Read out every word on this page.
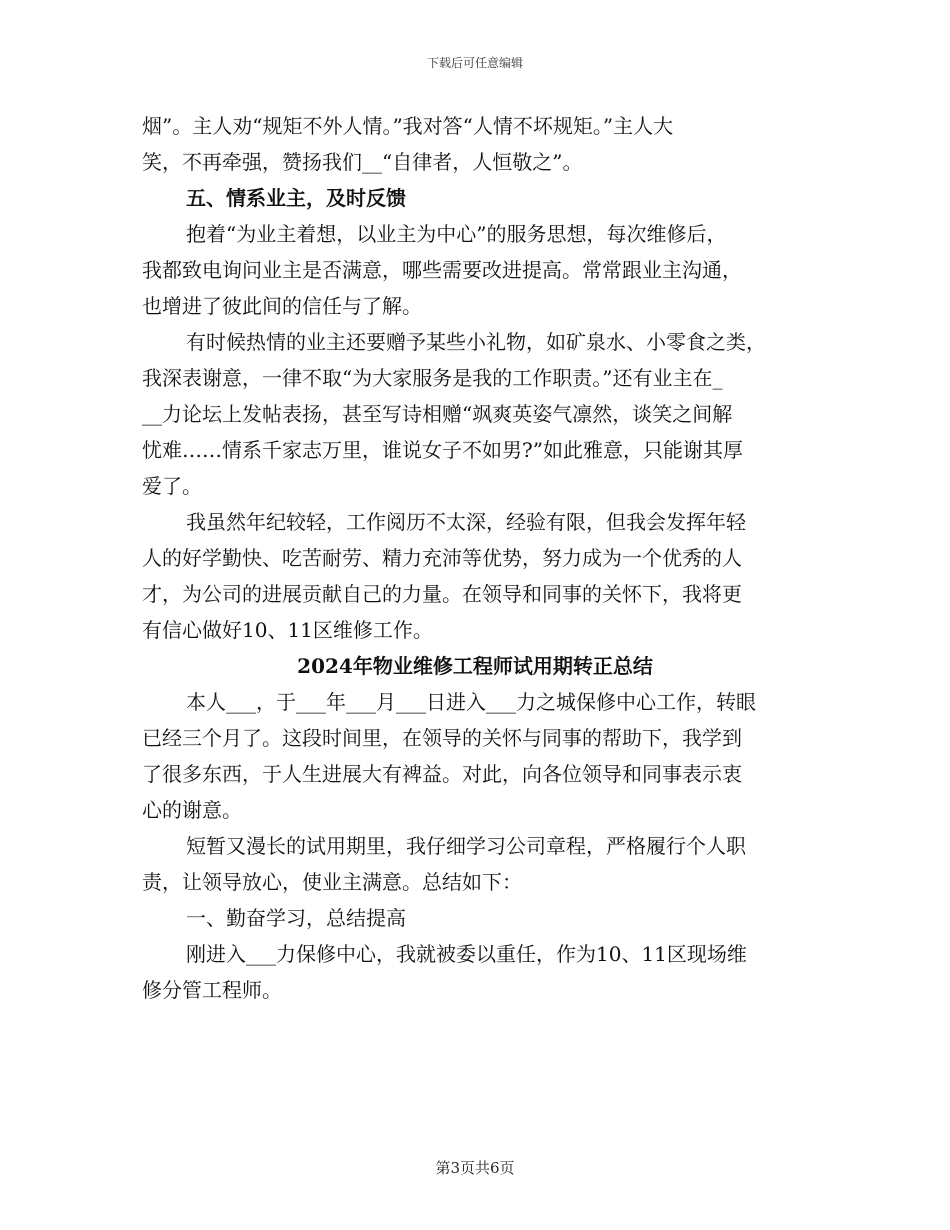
下载后可任意编辑
烟”。主人劝“规矩不外人情。”我对答“人情不坏规矩。”主人大
笑，不再牵强，赞扬我们__“自律者，人恒敬之”。
五、情系业主，及时反馈
抱着“为业主着想，以业主为中心”的服务思想，每次维修后，
我都致电询问业主是否满意，哪些需要改进提高。常常跟业主沟通，
也增进了彼此间的信任与了解。
有时候热情的业主还要赠予某些小礼物，如矿泉水、小零食之类，
我深表谢意，一律不取“为大家服务是我的工作职责。”还有业主在_
__力论坛上发帖表扬，甚至写诗相赠“飒爽英姿气凛然，谈笑之间解
忧难……情系千家志万里，谁说女子不如男?”如此雅意，只能谢其厚
爱了。
我虽然年纪较轻，工作阅历不太深，经验有限，但我会发挥年轻
人的好学勤快、吃苦耐劳、精力充沛等优势，努力成为一个优秀的人
才，为公司的进展贡献自己的力量。在领导和同事的关怀下，我将更
有信心做好10、11区维修工作。
2024年物业维修工程师试用期转正总结
本人___，于___年___月___日进入___力之城保修中心工作，转眼
已经三个月了。这段时间里，在领导的关怀与同事的帮助下，我学到
了很多东西，于人生进展大有裨益。对此，向各位领导和同事表示衷
心的谢意。
短暂又漫长的试用期里，我仔细学习公司章程，严格履行个人职
责，让领导放心，使业主满意。总结如下：
一、勤奋学习，总结提高
刚进入___力保修中心，我就被委以重任，作为10、11区现场维
修分管工程师。
第3页共6页
